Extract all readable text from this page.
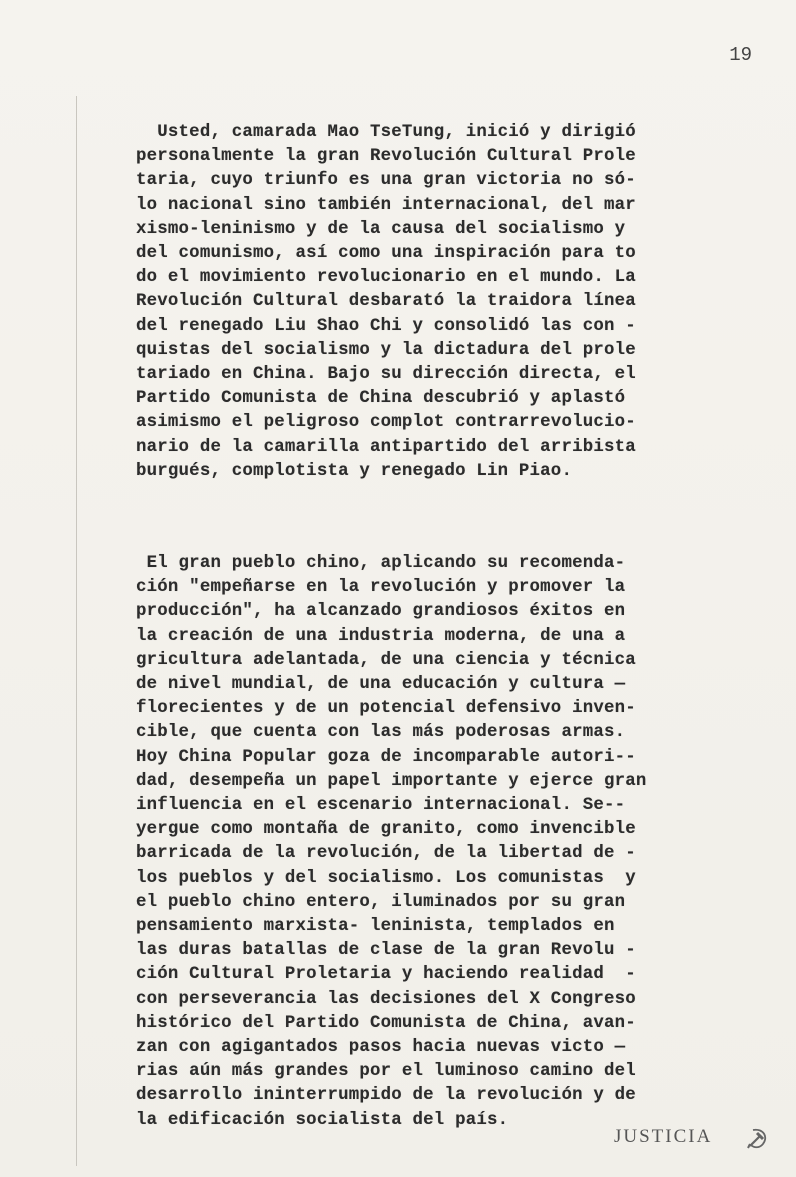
19
Usted, camarada Mao TseTung, inició y dirigió
personalmente la gran Revolución Cultural Prole
taria, cuyo triunfo es una gran victoria no só-
lo nacional sino también internacional, del mar
xismo-leninismo y de la causa del socialismo y
del comunismo, así como una inspiración para to
do el movimiento revolucionario en el mundo. La
Revolución Cultural desbarató la traidora línea
del renegado Liu Shao Chi y consolidó las con -
quistas del socialismo y la dictadura del prole
tariado en China. Bajo su dirección directa, el
Partido Comunista de China descubrió y aplastó
asimismo el peligroso complot contrarrevolucio-
nario de la camarilla antipartido del arribista
burgués, complotista y renegado Lin Piao.
El gran pueblo chino, aplicando su recomenda-
ción "empeñarse en la revolución y promover la
producción", ha alcanzado grandiosos éxitos en
la creación de una industria moderna, de una a
gricultura adelantada, de una ciencia y técnica
de nivel mundial, de una educación y cultura —
florecientes y de un potencial defensivo inven-
cible, que cuenta con las más poderosas armas.
Hoy China Popular goza de incomparable autori--
dad, desempeña un papel importante y ejerce gran
influencia en el escenario internacional. Se--
yergue como montaña de granito, como invencible
barricada de la revolución, de la libertad de -
los pueblos y del socialismo. Los comunistas  y
el pueblo chino entero, iluminados por su gran
pensamiento marxista- leninista, templados en
las duras batallas de clase de la gran Revolu -
ción Cultural Proletaria y haciendo realidad  -
con perseverancia las decisiones del X Congreso
histórico del Partido Comunista de China, avan-
zan con agigantados pasos hacia nuevas victo —
rias aún más grandes por el luminoso camino del
desarrollo ininterrumpido de la revolución y de
la edificación socialista del país.
JUSTICIA
